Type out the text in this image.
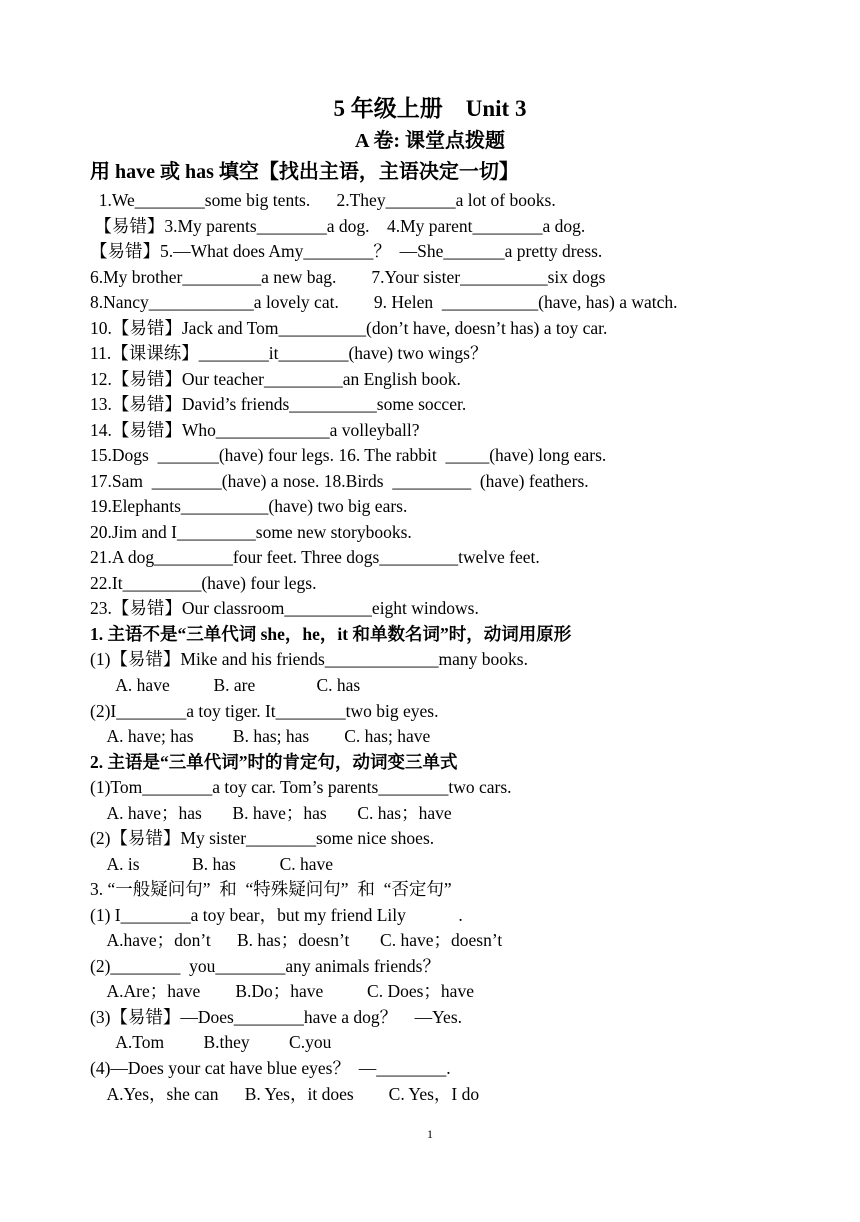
5 年级上册    Unit 3
A 卷: 课堂点拨题
用 have 或 has 填空【找出主语，主语决定一切】
1.We________some big tents.      2.They________a lot of books.
【易错】3.My parents________a dog.    4.My parent________a dog.
【易错】5.—What does Amy________？  —She_______a pretty dress.
6.My brother_________a new bag.        7.Your sister__________six dogs
8.Nancy____________a lovely cat.        9. Helen  ___________(have, has) a watch.
10.【易错】Jack and Tom__________(don’t have, doesn’t has) a toy car.
11.【课课练】________it________(have) two wings？
12.【易错】Our teacher_________an English book.
13.【易错】David’s friends__________some soccer.
14.【易错】Who_____________a volleyball?
15.Dogs  _______(have) four legs. 16. The rabbit  _____(have) long ears.
17.Sam  ________(have) a nose. 18.Birds  _________  (have) feathers.
19.Elephants__________(have) two big ears.
20.Jim and I_________some new storybooks.
21.A dog_________four feet. Three dogs_________twelve feet.
22.It_________(have) four legs.
23.【易错】Our classroom__________eight windows.
1. 主语不是“三单代词 she，he，it 和单数名词”时，动词用原形
(1)【易错】Mike and his friends_____________many books.
A. have          B. are              C. has
(2)I________a toy tiger. It________two big eyes.
A. have; has         B. has; has        C. has; have
2. 主语是“三单代词”时的肯定句，动词变三单式
(1)Tom________a toy car. Tom’s parents________two cars.
A. have；has       B. have；has       C. has；have
(2)【易错】My sister________some nice shoes.
A. is            B. has          C. have
3. “一般疑问句”  和  “特殊疑问句”  和  “否定句”
(1) I________a toy bear，but my friend Lily            .
A.have；don’t      B. has；doesn’t       C. have；doesn’t
(2)________  you________any animals friends？
A.Are；have        B.Do；have          C. Does；have
(3)【易错】—Does________have a dog？    —Yes.
A.Tom         B.they         C.you
(4)—Does your cat have blue eyes？  —________.
A.Yes，she can      B. Yes，it does        C. Yes，I do
1
